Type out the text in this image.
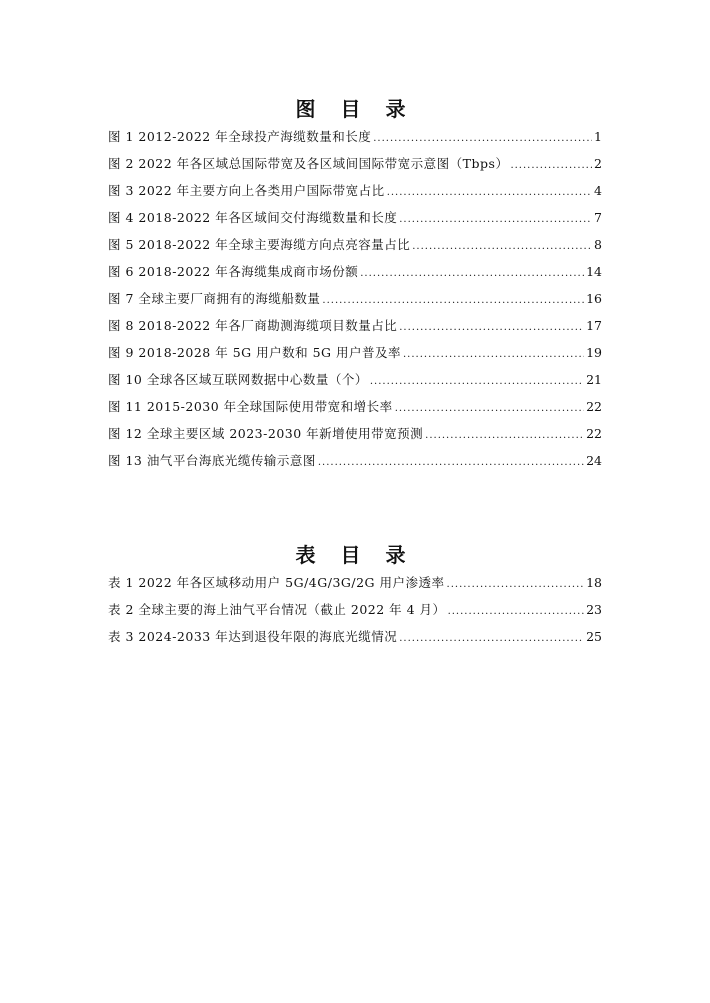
图 目 录
图 1 2012-2022 年全球投产海缆数量和长度 .....	1
图 2 2022 年各区域总国际带宽及各区域间国际带宽示意图（Tbps） .....	2
图 3 2022 年主要方向上各类用户国际带宽占比 .....	4
图 4 2018-2022 年各区域间交付海缆数量和长度 .....	7
图 5 2018-2022 年全球主要海缆方向点亮容量占比 .....	8
图 6 2018-2022 年各海缆集成商市场份额 .....	14
图 7 全球主要厂商拥有的海缆船数量 .....	16
图 8 2018-2022 年各厂商勘测海缆项目数量占比 .....	17
图 9 2018-2028 年 5G 用户数和 5G 用户普及率 .....	19
图 10 全球各区域互联网数据中心数量（个） .....	21
图 11 2015-2030 年全球国际使用带宽和增长率 .....	22
图 12 全球主要区域 2023-2030 年新增使用带宽预测 .....	22
图 13 油气平台海底光缆传输示意图 .....	24
表 目 录
表 1 2022 年各区域移动用户 5G/4G/3G/2G 用户渗透率 .....	18
表 2 全球主要的海上油气平台情况（截止 2022 年 4 月） .....	23
表 3 2024-2033 年达到退役年限的海底光缆情况 .....	25
